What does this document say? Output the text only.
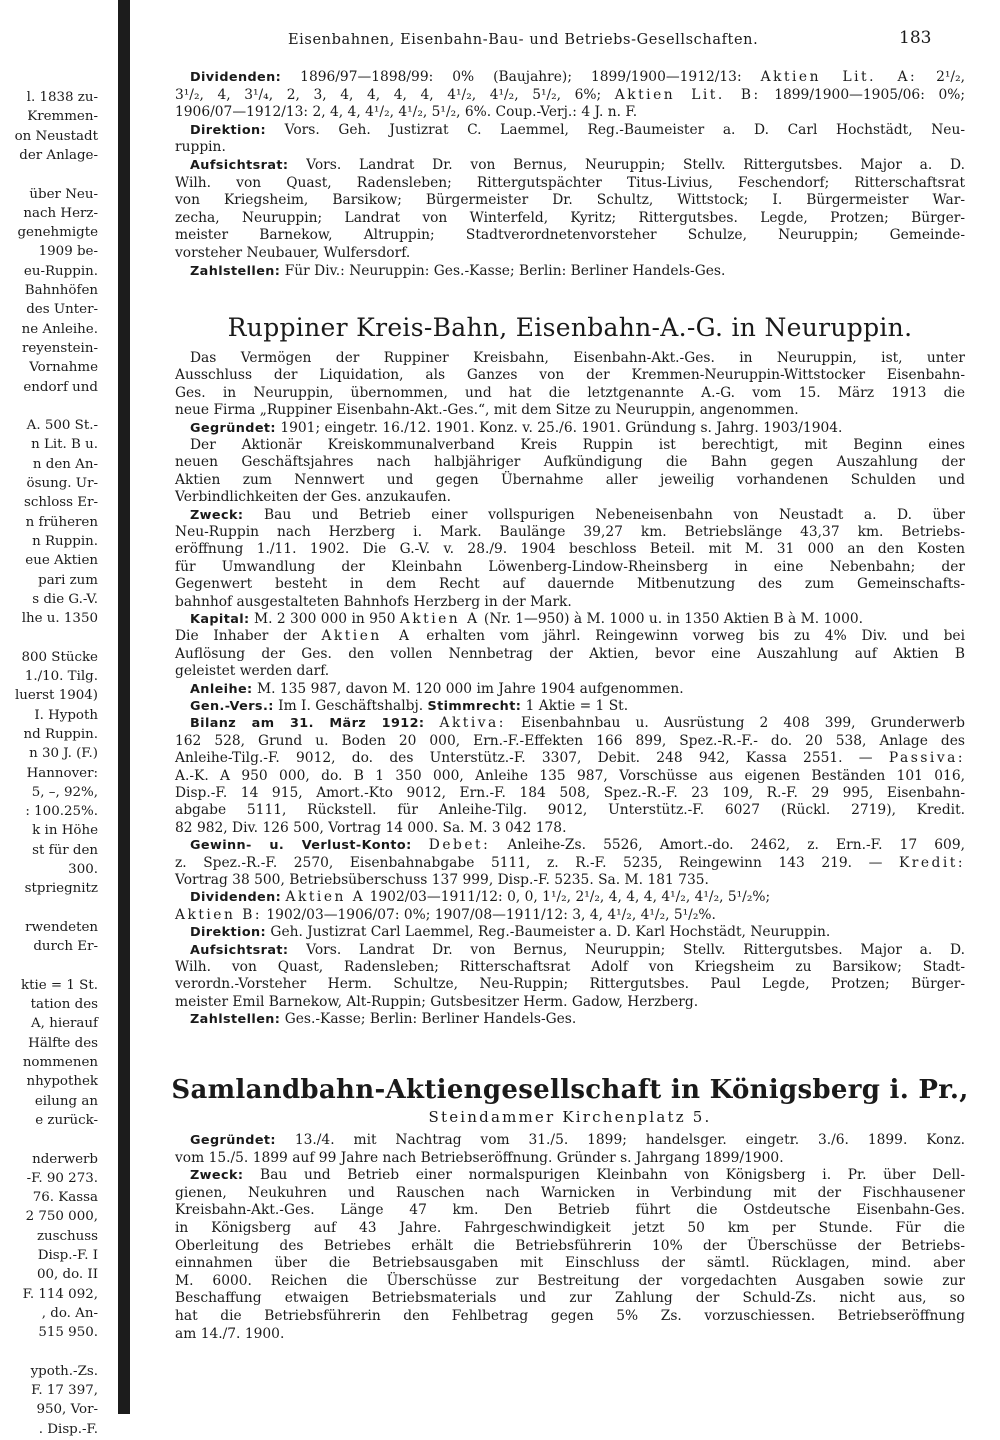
l. 1838 zu-
Kremmen-
on Neustadt
der Anlage-
über Neu-
nach Herz-
genehmigte
1909 be-
eu-Ruppin.
Bahnhöfen
des Unter-
ne Anleihe.
reyenstein-
Vornahme
endorf und
A. 500 St.-
n Lit. B u.
n den An-
ösung. Ur-
schloss Er-
n früheren
n Ruppin.
eue Aktien
pari zum
s die G.-V.
lhe u. 1350
800 Stücke
1./10. Tilg.
luerst 1904)
I. Hypoth
nd Ruppin.
n 30 J. (F.)
Hannover:
5, –, 92%,
: 100.25%.
k in Höhe
st für den
300.
stpriegnitz
rwendeten
durch Er-
ktie = 1 St.
tation des
A, hierauf
Hälfte des
nommenen
nhypothek
eilung an
e zurück-
nderwerb
-F. 90 273.
76. Kassa
2 750 000,
zuschuss
Disp.-F. I
00, do. II
F. 114 092,
, do. An-
515 950.
ypoth.-Zs.
F. 17 397,
950, Vor-
. Disp.-F.
Eisenbahnen, Eisenbahn-Bau- und Betriebs-Gesellschaften.	183
Dividenden: 1896/97—1898/99: 0% (Baujahre); 1899/1900—1912/13: Aktien Lit. A: 2¹/₂,
3¹/₂, 4, 3¹/₄, 2, 3, 4, 4, 4, 4, 4¹/₂, 4¹/₂, 5¹/₂, 6%; Aktien Lit. B: 1899/1900—1905/06: 0%;
1906/07—1912/13: 2, 4, 4, 4¹/₂, 4¹/₂, 5¹/₂, 6%. Coup.-Verj.: 4 J. n. F.
Direktion: Vors. Geh. Justizrat C. Laemmel, Reg.-Baumeister a. D. Carl Hochstädt, Neu-
ruppin.
Aufsichtsrat: Vors. Landrat Dr. von Bernus, Neuruppin; Stellv. Rittergutsbes. Major a. D.
Wilh. von Quast, Radensleben; Rittergutspächter Titus-Livius, Feschendorf; Ritterschaftsrat
von Kriegsheim, Barsikow; Bürgermeister Dr. Schultz, Wittstock; I. Bürgermeister War-
zecha, Neuruppin; Landrat von Winterfeld, Kyritz; Rittergutsbes. Legde, Protzen; Bürger-
meister Barnekow, Altruppin; Stadtverordnetenvorsteher Schulze, Neuruppin; Gemeinde-
vorsteher Neubauer, Wulfersdorf.
Zahlstellen: Für Div.: Neuruppin: Ges.-Kasse; Berlin: Berliner Handels-Ges.
Ruppiner Kreis-Bahn, Eisenbahn-A.-G. in Neuruppin.
Das Vermögen der Ruppiner Kreisbahn, Eisenbahn-Akt.-Ges. in Neuruppin, ist, unter
Ausschluss der Liquidation, als Ganzes von der Kremmen-Neuruppin-Wittstocker Eisenbahn-
Ges. in Neuruppin, übernommen, und hat die letztgenannte A.-G. vom 15. März 1913 die
neue Firma „Ruppiner Eisenbahn-Akt.-Ges.“, mit dem Sitze zu Neuruppin, angenommen.
Gegründet: 1901; eingetr. 16./12. 1901. Konz. v. 25./6. 1901. Gründung s. Jahrg. 1903/1904.
Der Aktionär Kreiskommunalverband Kreis Ruppin ist berechtigt, mit Beginn eines
neuen Geschäftsjahres nach halbjähriger Aufkündigung die Bahn gegen Auszahlung der
Aktien zum Nennwert und gegen Übernahme aller jeweilig vorhandenen Schulden und
Verbindlichkeiten der Ges. anzukaufen.
Zweck: Bau und Betrieb einer vollspurigen Nebeneisenbahn von Neustadt a. D. über
Neu-Ruppin nach Herzberg i. Mark. Baulänge 39,27 km. Betriebslänge 43,37 km. Betriebs-
eröffnung 1./11. 1902. Die G.-V. v. 28./9. 1904 beschloss Beteil. mit M. 31 000 an den Kosten
für Umwandlung der Kleinbahn Löwenberg-Lindow-Rheinsberg in eine Nebenbahn; der
Gegenwert besteht in dem Recht auf dauernde Mitbenutzung des zum Gemeinschafts-
bahnhof ausgestalteten Bahnhofs Herzberg in der Mark.
Kapital: M. 2 300 000 in 950 Aktien A (Nr. 1—950) à M. 1000 u. in 1350 Aktien B à M. 1000.
Die Inhaber der Aktien A erhalten vom jährl. Reingewinn vorweg bis zu 4% Div. und bei
Auflösung der Ges. den vollen Nennbetrag der Aktien, bevor eine Auszahlung auf Aktien B
geleistet werden darf.
Anleihe: M. 135 987, davon M. 120 000 im Jahre 1904 aufgenommen.
Gen.-Vers.: Im I. Geschäftshalbj. Stimmrecht: 1 Aktie = 1 St.
Bilanz am 31. März 1912: Aktiva: Eisenbahnbau u. Ausrüstung 2 408 399, Grunderwerb
162 528, Grund u. Boden 20 000, Ern.-F.-Effekten 166 899, Spez.-R.-F.- do. 20 538, Anlage des
Anleihe-Tilg.-F. 9012, do. des Unterstütz.-F. 3307, Debit. 248 942, Kassa 2551. — Passiva:
A.-K. A 950 000, do. B 1 350 000, Anleihe 135 987, Vorschüsse aus eigenen Beständen 101 016,
Disp.-F. 14 915, Amort.-Kto 9012, Ern.-F. 184 508, Spez.-R.-F. 23 109, R.-F. 29 995, Eisenbahn-
abgabe 5111, Rückstell. für Anleihe-Tilg. 9012, Unterstütz.-F. 6027 (Rückl. 2719), Kredit.
82 982, Div. 126 500, Vortrag 14 000. Sa. M. 3 042 178.
Gewinn- u. Verlust-Konto: Debet: Anleihe-Zs. 5526, Amort.-do. 2462, z. Ern.-F. 17 609,
z. Spez.-R.-F. 2570, Eisenbahnabgabe 5111, z. R.-F. 5235, Reingewinn 143 219. — Kredit:
Vortrag 38 500, Betriebsüberschuss 137 999, Disp.-F. 5235. Sa. M. 181 735.
Dividenden: Aktien A 1902/03—1911/12: 0, 0, 1¹/₂, 2¹/₂, 4, 4, 4, 4¹/₂, 4¹/₂, 5¹/₂%;
Aktien B: 1902/03—1906/07: 0%; 1907/08—1911/12: 3, 4, 4¹/₂, 4¹/₂, 5¹/₂%.
Direktion: Geh. Justizrat Carl Laemmel, Reg.-Baumeister a. D. Karl Hochstädt, Neuruppin.
Aufsichtsrat: Vors. Landrat Dr. von Bernus, Neuruppin; Stellv. Rittergutsbes. Major a. D.
Wilh. von Quast, Radensleben; Ritterschaftsrat Adolf von Kriegsheim zu Barsikow; Stadt-
verordn.-Vorsteher Herm. Schultze, Neu-Ruppin; Rittergutsbes. Paul Legde, Protzen; Bürger-
meister Emil Barnekow, Alt-Ruppin; Gutsbesitzer Herm. Gadow, Herzberg.
Zahlstellen: Ges.-Kasse; Berlin: Berliner Handels-Ges.
Samlandbahn-Aktiengesellschaft in Königsberg i. Pr.,
Steindammer Kirchenplatz 5.
Gegründet: 13./4. mit Nachtrag vom 31./5. 1899; handelsger. eingetr. 3./6. 1899. Konz.
vom 15./5. 1899 auf 99 Jahre nach Betriebseröffnung. Gründer s. Jahrgang 1899/1900.
Zweck: Bau und Betrieb einer normalspurigen Kleinbahn von Königsberg i. Pr. über Dell-
gienen, Neukuhren und Rauschen nach Warnicken in Verbindung mit der Fischhausener
Kreisbahn-Akt.-Ges. Länge 47 km. Den Betrieb führt die Ostdeutsche Eisenbahn-Ges.
in Königsberg auf 43 Jahre. Fahrgeschwindigkeit jetzt 50 km per Stunde. Für die
Oberleitung des Betriebes erhält die Betriebsführerin 10% der Überschüsse der Betriebs-
einnahmen über die Betriebsausgaben mit Einschluss der sämtl. Rücklagen, mind. aber
M. 6000. Reichen die Überschüsse zur Bestreitung der vorgedachten Ausgaben sowie zur
Beschaffung etwaigen Betriebsmaterials und zur Zahlung der Schuld-Zs. nicht aus, so
hat die Betriebsführerin den Fehlbetrag gegen 5% Zs. vorzuschiessen. Betriebseröffnung
am 14./7. 1900.
